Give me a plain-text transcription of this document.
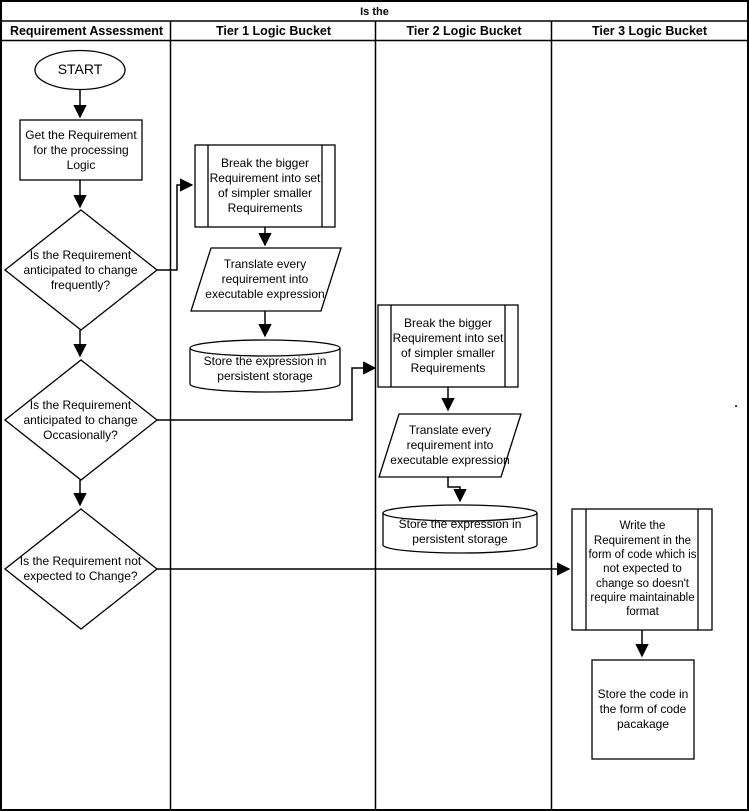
Is the
Requirement Assessment	Tier 1 Logic Bucket	Tier 2 Logic Bucket	Tier 3 Logic Bucket
START
Get the Requirement for the processing Logic
Is the Requirement anticipated to change frequently?
Is the Requirement anticipated to change Occasionally?
Is the Requirement not expected to Change?
Break the bigger Requirement into set of simpler smaller Requirements
Translate every requirement into executable expression
Store the expression in persistent storage
Break the bigger Requirement into set of simpler smaller Requirements
Translate every requirement into executable expression
Store the expression in persistent storage
Write the Requirement in the form of code which is not expected to change so doesn't require maintainable format
Store the code in the form of code pacakage
.
